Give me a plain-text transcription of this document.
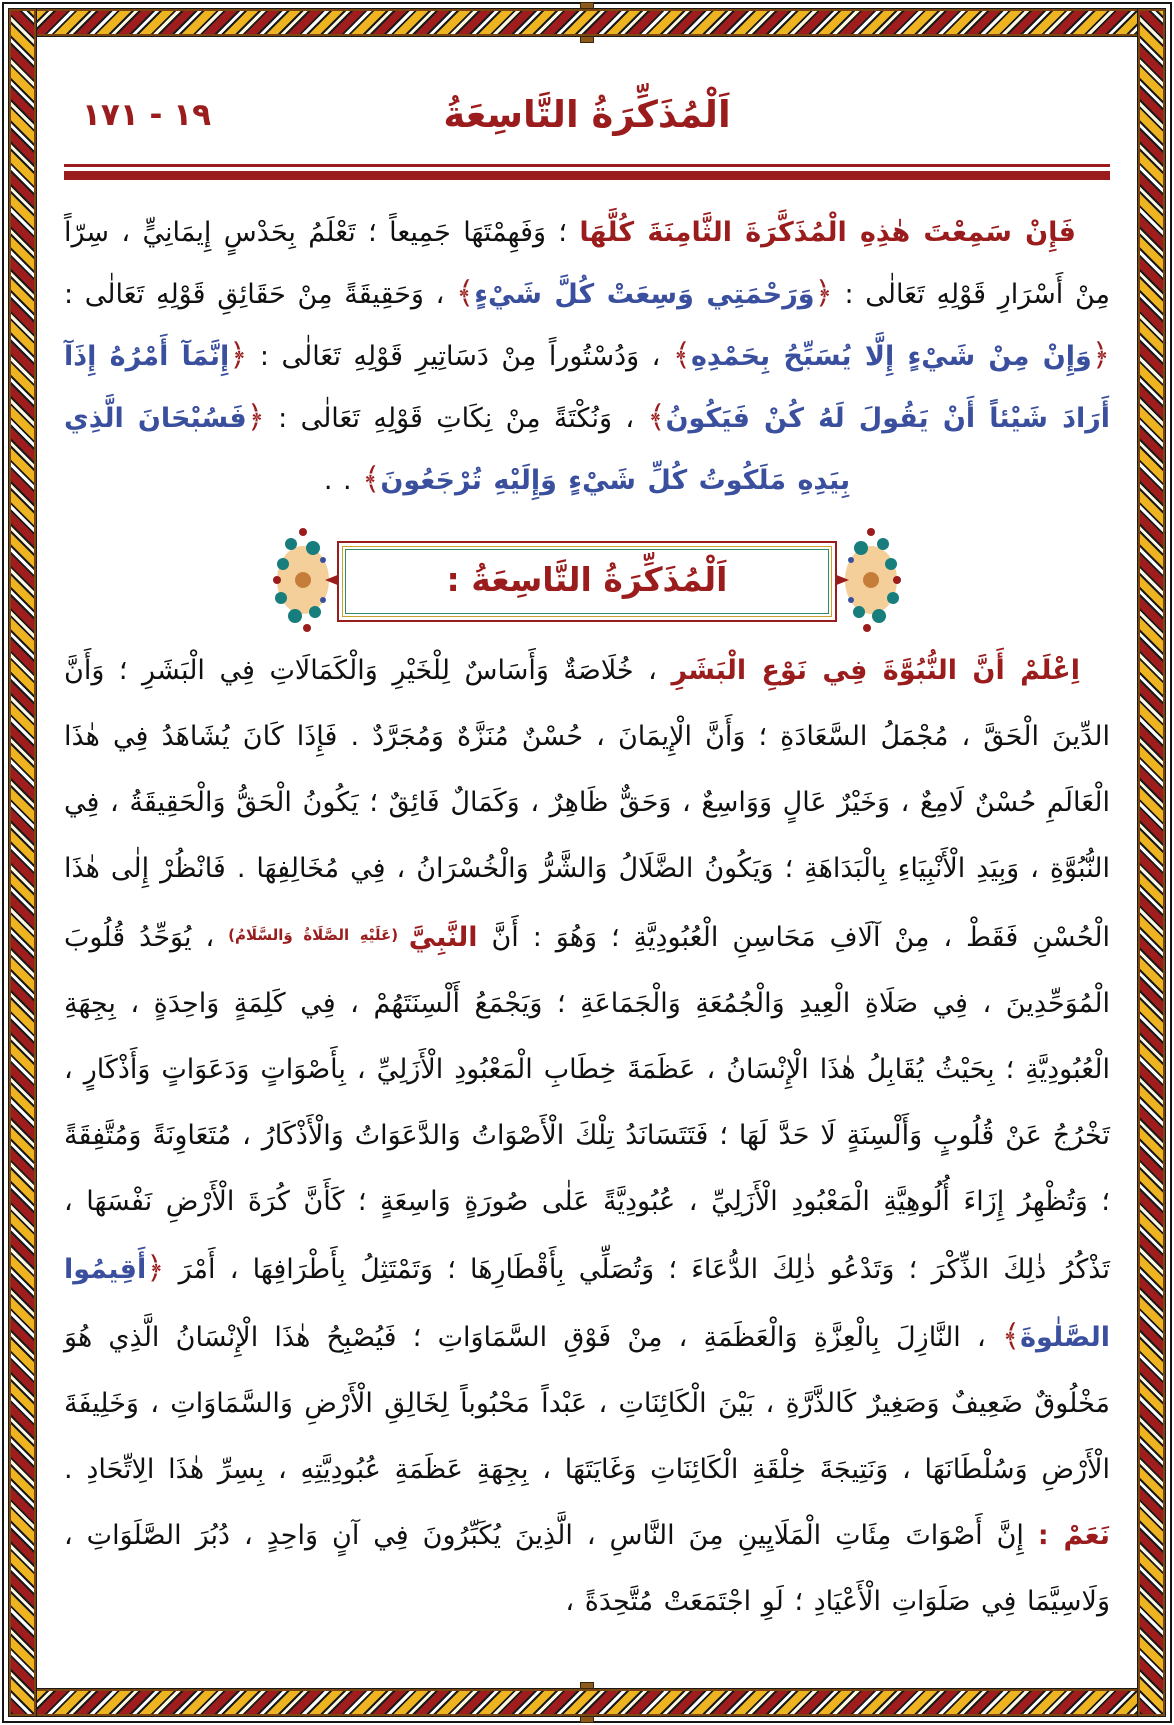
اَلْمُذَكِّرَةُ التَّاسِعَةُ
١٩ - ١٧١

فَإِنْ سَمِعْتَ هٰذِهِ الْمُذَكَّرَةَ الثَّامِنَةَ كُلَّهَا ؛ وَفَهِمْتَهَا جَمِيعاً ؛ تَعْلَمُ بِحَدْسٍ إِيمَانِيٍّ ، سِرّاً مِنْ أَسْرَارِ قَوْلِهِ تَعَالٰى : ﴿وَرَحْمَتِي وَسِعَتْ كُلَّ شَيْءٍ﴾ ، وَحَقِيقَةً مِنْ حَقَائِقِ قَوْلِهِ تَعَالٰى : ﴿وَإِنْ مِنْ شَيْءٍ إِلَّا يُسَبِّحُ بِحَمْدِهِ﴾ ، وَدُسْتُوراً مِنْ دَسَاتِيرِ قَوْلِهِ تَعَالٰى : ﴿إِنَّمَآ أَمْرُهُ إِذَآ أَرَادَ شَيْئاً أَنْ يَقُولَ لَهُ كُنْ فَيَكُونُ﴾ ، وَنُكْتَةً مِنْ نِكَاتِ قَوْلِهِ تَعَالٰى : ﴿فَسُبْحَانَ الَّذِي بِيَدِهِ مَلَكُوتُ كُلِّ شَيْءٍ وَإِلَيْهِ تُرْجَعُونَ﴾ . .

اَلْمُذَكِّرَةُ التَّاسِعَةُ :

اِعْلَمْ أَنَّ النُّبُوَّةَ فِي نَوْعِ الْبَشَرِ ، خُلَاصَةٌ وَأَسَاسٌ لِلْخَيْرِ وَالْكَمَالَاتِ فِي الْبَشَرِ ؛ وَأَنَّ الدِّينَ الْحَقَّ ، مُجْمَلُ السَّعَادَةِ ؛ وَأَنَّ الْإِيمَانَ ، حُسْنٌ مُنَزَّهٌ وَمُجَرَّدٌ . فَإِذَا كَانَ يُشَاهَدُ فِي هٰذَا الْعَالَمِ حُسْنٌ لَامِعٌ ، وَخَيْرٌ عَالٍ وَوَاسِعٌ ، وَحَقٌّ ظَاهِرٌ ، وَكَمَالٌ فَائِقٌ ؛ يَكُونُ الْحَقُّ وَالْحَقِيقَةُ ، فِي النُّبُوَّةِ ، وَبِيَدِ الْأَنْبِيَاءِ بِالْبَدَاهَةِ ؛ وَيَكُونُ الضَّلَالُ وَالشَّرُّ وَالْخُسْرَانُ ، فِي مُخَالِفِهَا . فَانْظُرْ إِلٰى هٰذَا الْحُسْنِ فَقَطْ ، مِنْ آلَافِ مَحَاسِنِ الْعُبُودِيَّةِ ؛ وَهُوَ : أَنَّ النَّبِيَّ $^{(عَلَيْهِ الصَّلَاةُ وَالسَّلَامُ)}$ ، يُوَحِّدُ قُلُوبَ الْمُوَحِّدِينَ ، فِي صَلَاةِ الْعِيدِ وَالْجُمُعَةِ وَالْجَمَاعَةِ ؛ وَيَجْمَعُ أَلْسِنَتَهُمْ ، فِي كَلِمَةٍ وَاحِدَةٍ ، بِجِهَةِ الْعُبُودِيَّةِ ؛ بِحَيْثُ يُقَابِلُ هٰذَا الْإِنْسَانُ ، عَظَمَةَ خِطَابِ الْمَعْبُودِ الْأَزَلِيِّ ، بِأَصْوَاتٍ وَدَعَوَاتٍ وَأَذْكَارٍ ، تَخْرُجُ عَنْ قُلُوبٍ وَأَلْسِنَةٍ لَا حَدَّ لَهَا ؛ فَتَتَسَانَدُ تِلْكَ الْأَصْوَاتُ وَالدَّعَوَاتُ وَالْأَذْكَارُ ، مُتَعَاوِنَةً وَمُتَّفِقَةً ؛ وَتُظْهِرُ إِزَاءَ أُلُوهِيَّةِ الْمَعْبُودِ الْأَزَلِيِّ ، عُبُودِيَّةً عَلٰى صُورَةٍ وَاسِعَةٍ ؛ كَأَنَّ كُرَةَ الْأَرْضِ نَفْسَهَا ، تَذْكُرُ ذٰلِكَ الذِّكْرَ ؛ وَتَدْعُو ذٰلِكَ الدُّعَاءَ ؛ وَتُصَلِّي بِأَقْطَارِهَا ؛ وَتَمْتَثِلُ بِأَطْرَافِهَا ، أَمْرَ ﴿أَقِيمُوا الصَّلٰوةَ﴾ ، النَّازِلَ بِالْعِزَّةِ وَالْعَظَمَةِ ، مِنْ فَوْقِ السَّمَاوَاتِ ؛ فَيُصْبِحُ هٰذَا الْإِنْسَانُ الَّذِي هُوَ مَخْلُوقٌ ضَعِيفٌ وَصَغِيرٌ كَالذَّرَّةِ ، بَيْنَ الْكَائِنَاتِ ، عَبْداً مَحْبُوباً لِخَالِقِ الْأَرْضِ وَالسَّمَاوَاتِ ، وَخَلِيفَةَ الْأَرْضِ وَسُلْطَانَهَا ، وَنَتِيجَةَ خِلْقَةِ الْكَائِنَاتِ وَغَايَتَهَا ، بِجِهَةِ عَظَمَةِ عُبُودِيَّتِهِ ، بِسِرِّ هٰذَا الِاتِّحَادِ . نَعَمْ : إِنَّ أَصْوَاتَ مِئَاتِ الْمَلَايِينِ مِنَ النَّاسِ ، الَّذِينَ يُكَبِّرُونَ فِي آنٍ وَاحِدٍ ، دُبُرَ الصَّلَوَاتِ ، وَلَاسِيَّمَا فِي صَلَوَاتِ الْأَعْيَادِ ؛ لَوِ اجْتَمَعَتْ مُتَّحِدَةً ،
